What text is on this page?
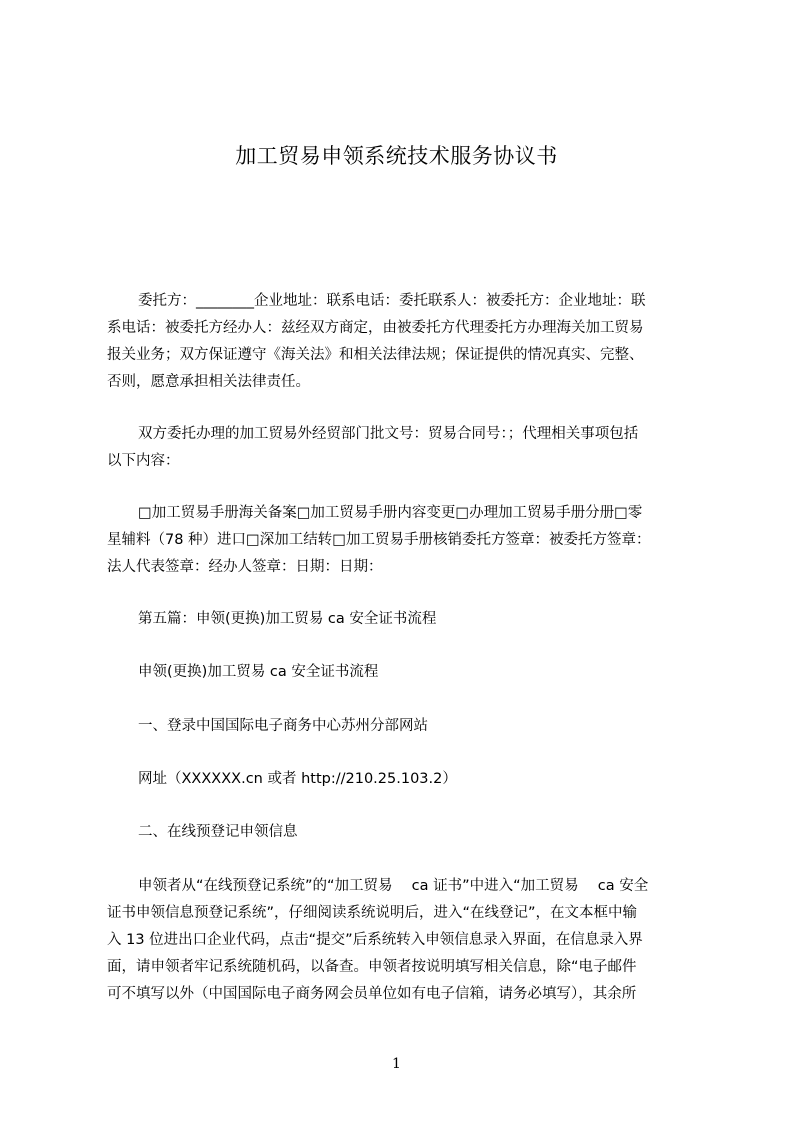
加工贸易申领系统技术服务协议书
委托方：________企业地址：联系电话：委托联系人：被委托方：企业地址：联
系电话：被委托方经办人：兹经双方商定，由被委托方代理委托方办理海关加工贸易
报关业务；双方保证遵守《海关法》和相关法律法规；保证提供的情况真实、完整、
否则，愿意承担相关法律责任。
双方委托办理的加工贸易外经贸部门批文号：贸易合同号：；代理相关事项包括
以下内容：
□加工贸易手册海关备案□加工贸易手册内容变更□办理加工贸易手册分册□零
星辅料（78 种）进口□深加工结转□加工贸易手册核销委托方签章：被委托方签章：
法人代表签章：经办人签章：日期：日期：
第五篇：申领(更换)加工贸易 ca 安全证书流程
申领(更换)加工贸易 ca 安全证书流程
一、登录中国国际电子商务中心苏州分部网站
网址（XXXXXX.cn 或者 http://210.25.103.2）
二、在线预登记申领信息
申领者从“在线预登记系统”的“加工贸易　 ca 证书”中进入“加工贸易　 ca 安全
证书申领信息预登记系统”，仔细阅读系统说明后，进入“在线登记”，在文本框中输
入 13 位进出口企业代码，点击“提交”后系统转入申领信息录入界面，在信息录入界
面，请申领者牢记系统随机码，以备查。申领者按说明填写相关信息，除“电子邮件
可不填写以外（中国国际电子商务网会员单位如有电子信箱，请务必填写），其余所
1
